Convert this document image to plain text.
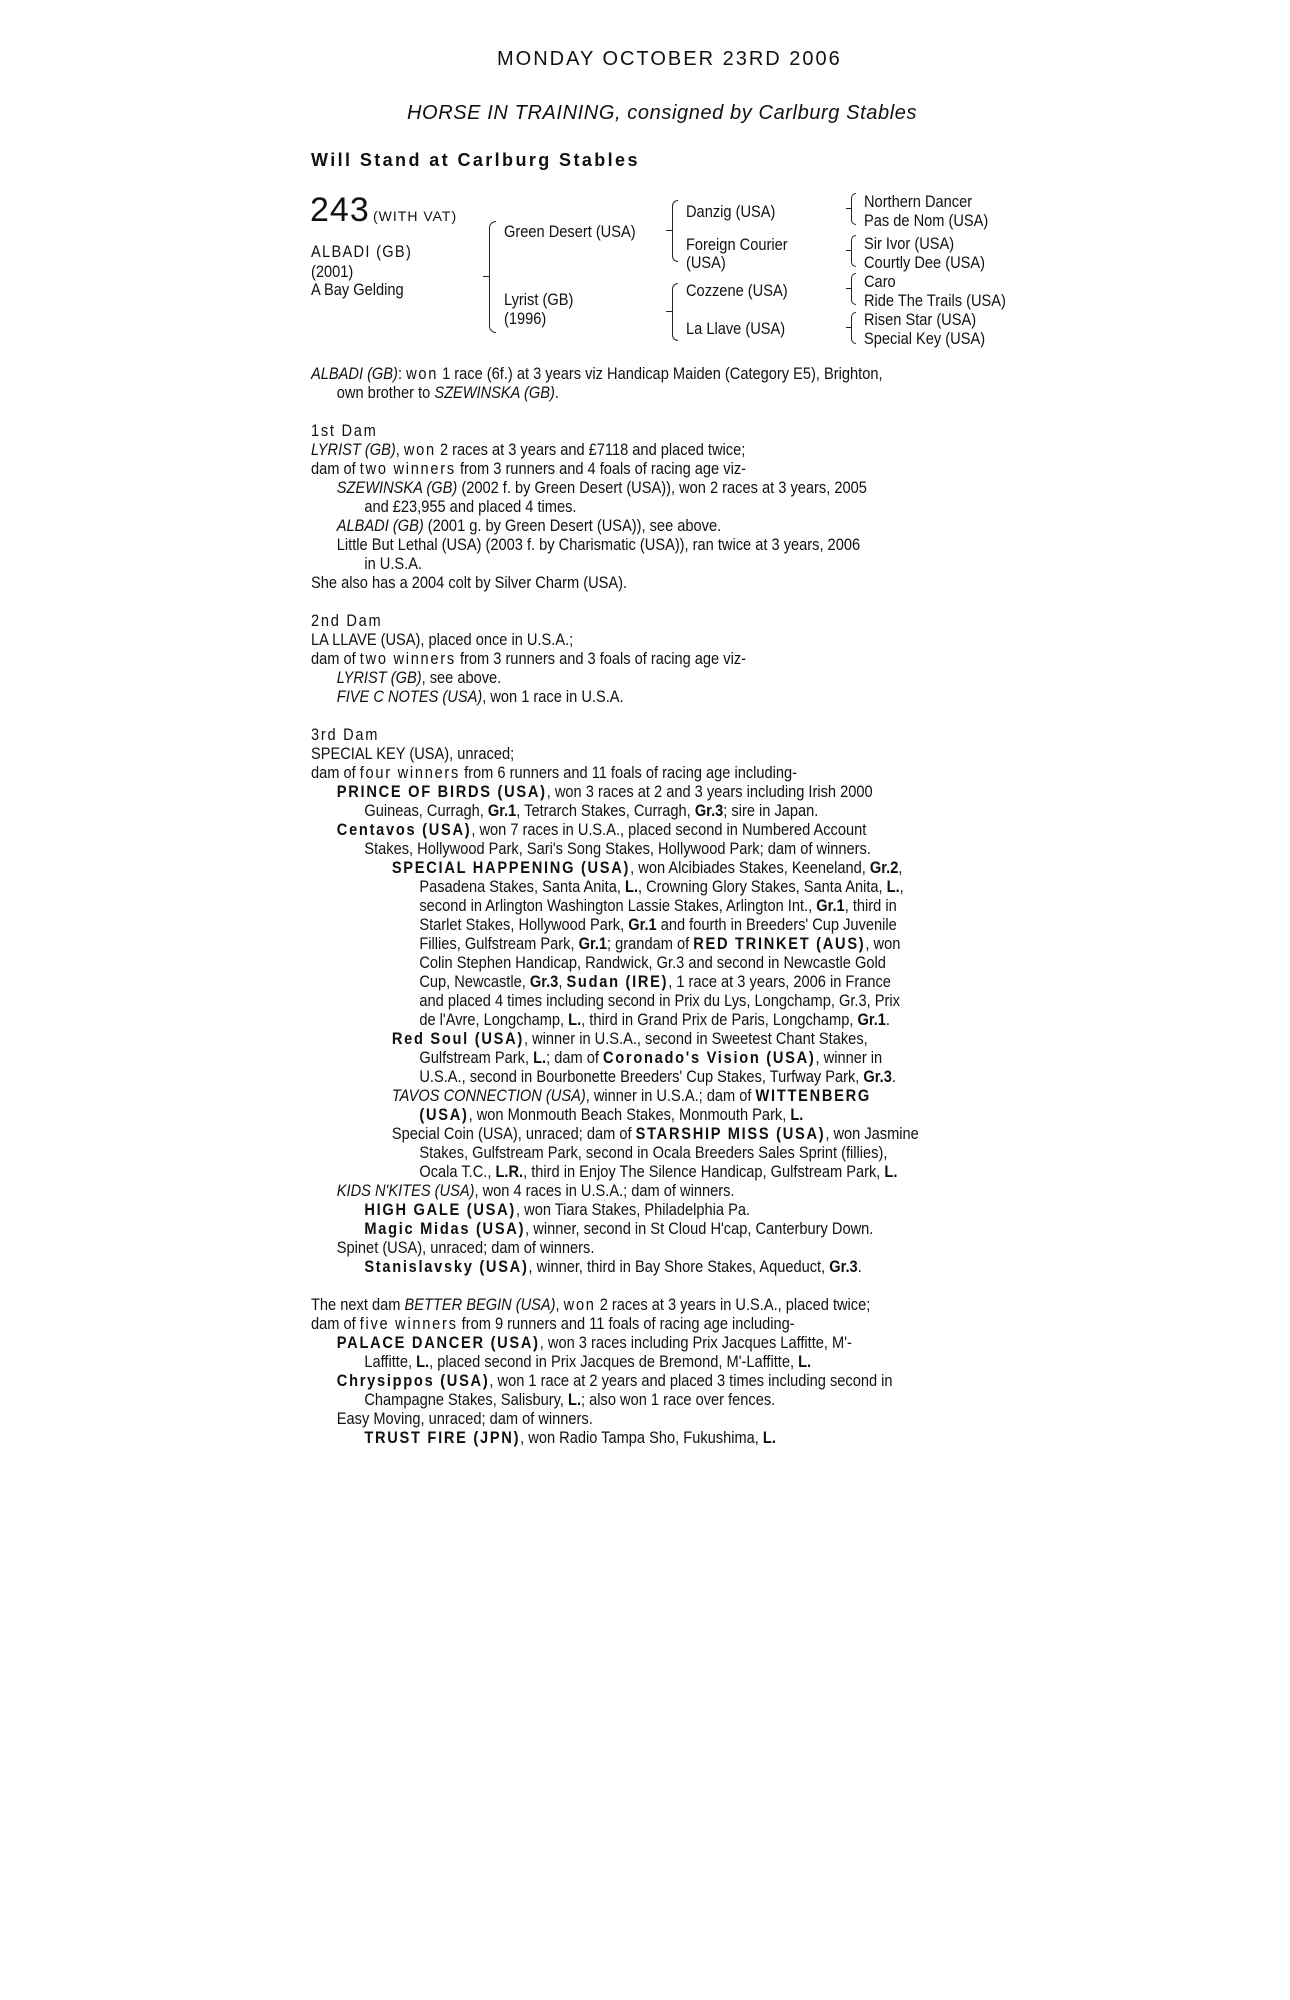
MONDAY OCTOBER 23RD 2006
HORSE IN TRAINING, consigned by Carlburg Stables
Will Stand at Carlburg Stables
243 (WITH VAT)
ALBADI (GB)
(2001)
A Bay Gelding
Green Desert (USA)
Lyrist (GB)
(1996)
Danzig (USA)
Foreign Courier
(USA)
Cozzene (USA)
La Llave (USA)
Northern Dancer
Pas de Nom (USA)
Sir Ivor (USA)
Courtly Dee (USA)
Caro
Ride The Trails (USA)
Risen Star (USA)
Special Key (USA)
ALBADI (GB): won 1 race (6f.) at 3 years viz Handicap Maiden (Category E5), Brighton,
own brother to SZEWINSKA (GB).
1st Dam
LYRIST (GB), won 2 races at 3 years and £7118 and placed twice;
dam of two winners from 3 runners and 4 foals of racing age viz-
SZEWINSKA (GB) (2002 f. by Green Desert (USA)), won 2 races at 3 years, 2005
and £23,955 and placed 4 times.
ALBADI (GB) (2001 g. by Green Desert (USA)), see above.
Little But Lethal (USA) (2003 f. by Charismatic (USA)), ran twice at 3 years, 2006
in U.S.A.
She also has a 2004 colt by Silver Charm (USA).
2nd Dam
LA LLAVE (USA), placed once in U.S.A.;
dam of two winners from 3 runners and 3 foals of racing age viz-
LYRIST (GB), see above.
FIVE C NOTES (USA), won 1 race in U.S.A.
3rd Dam
SPECIAL KEY (USA), unraced;
dam of four winners from 6 runners and 11 foals of racing age including-
PRINCE OF BIRDS (USA), won 3 races at 2 and 3 years including Irish 2000
Guineas, Curragh, Gr.1, Tetrarch Stakes, Curragh, Gr.3; sire in Japan.
Centavos (USA), won 7 races in U.S.A., placed second in Numbered Account
Stakes, Hollywood Park, Sari's Song Stakes, Hollywood Park; dam of winners.
SPECIAL HAPPENING (USA), won Alcibiades Stakes, Keeneland, Gr.2,
Pasadena Stakes, Santa Anita, L., Crowning Glory Stakes, Santa Anita, L.,
second in Arlington Washington Lassie Stakes, Arlington Int., Gr.1, third in
Starlet Stakes, Hollywood Park, Gr.1 and fourth in Breeders' Cup Juvenile
Fillies, Gulfstream Park, Gr.1; grandam of RED TRINKET (AUS), won
Colin Stephen Handicap, Randwick, Gr.3 and second in Newcastle Gold
Cup, Newcastle, Gr.3, Sudan (IRE), 1 race at 3 years, 2006 in France
and placed 4 times including second in Prix du Lys, Longchamp, Gr.3, Prix
de l'Avre, Longchamp, L., third in Grand Prix de Paris, Longchamp, Gr.1.
Red Soul (USA), winner in U.S.A., second in Sweetest Chant Stakes,
Gulfstream Park, L.; dam of Coronado's Vision (USA), winner in
U.S.A., second in Bourbonette Breeders' Cup Stakes, Turfway Park, Gr.3.
TAVOS CONNECTION (USA), winner in U.S.A.; dam of WITTENBERG
(USA), won Monmouth Beach Stakes, Monmouth Park, L.
Special Coin (USA), unraced; dam of STARSHIP MISS (USA), won Jasmine
Stakes, Gulfstream Park, second in Ocala Breeders Sales Sprint (fillies),
Ocala T.C., L.R., third in Enjoy The Silence Handicap, Gulfstream Park, L.
KIDS N'KITES (USA), won 4 races in U.S.A.; dam of winners.
HIGH GALE (USA), won Tiara Stakes, Philadelphia Pa.
Magic Midas (USA), winner, second in St Cloud H'cap, Canterbury Down.
Spinet (USA), unraced; dam of winners.
Stanislavsky (USA), winner, third in Bay Shore Stakes, Aqueduct, Gr.3.
The next dam BETTER BEGIN (USA), won 2 races at 3 years in U.S.A., placed twice;
dam of five winners from 9 runners and 11 foals of racing age including-
PALACE DANCER (USA), won 3 races including Prix Jacques Laffitte, M'-
Laffitte, L., placed second in Prix Jacques de Bremond, M'-Laffitte, L.
Chrysippos (USA), won 1 race at 2 years and placed 3 times including second in
Champagne Stakes, Salisbury, L.; also won 1 race over fences.
Easy Moving, unraced; dam of winners.
TRUST FIRE (JPN), won Radio Tampa Sho, Fukushima, L.
